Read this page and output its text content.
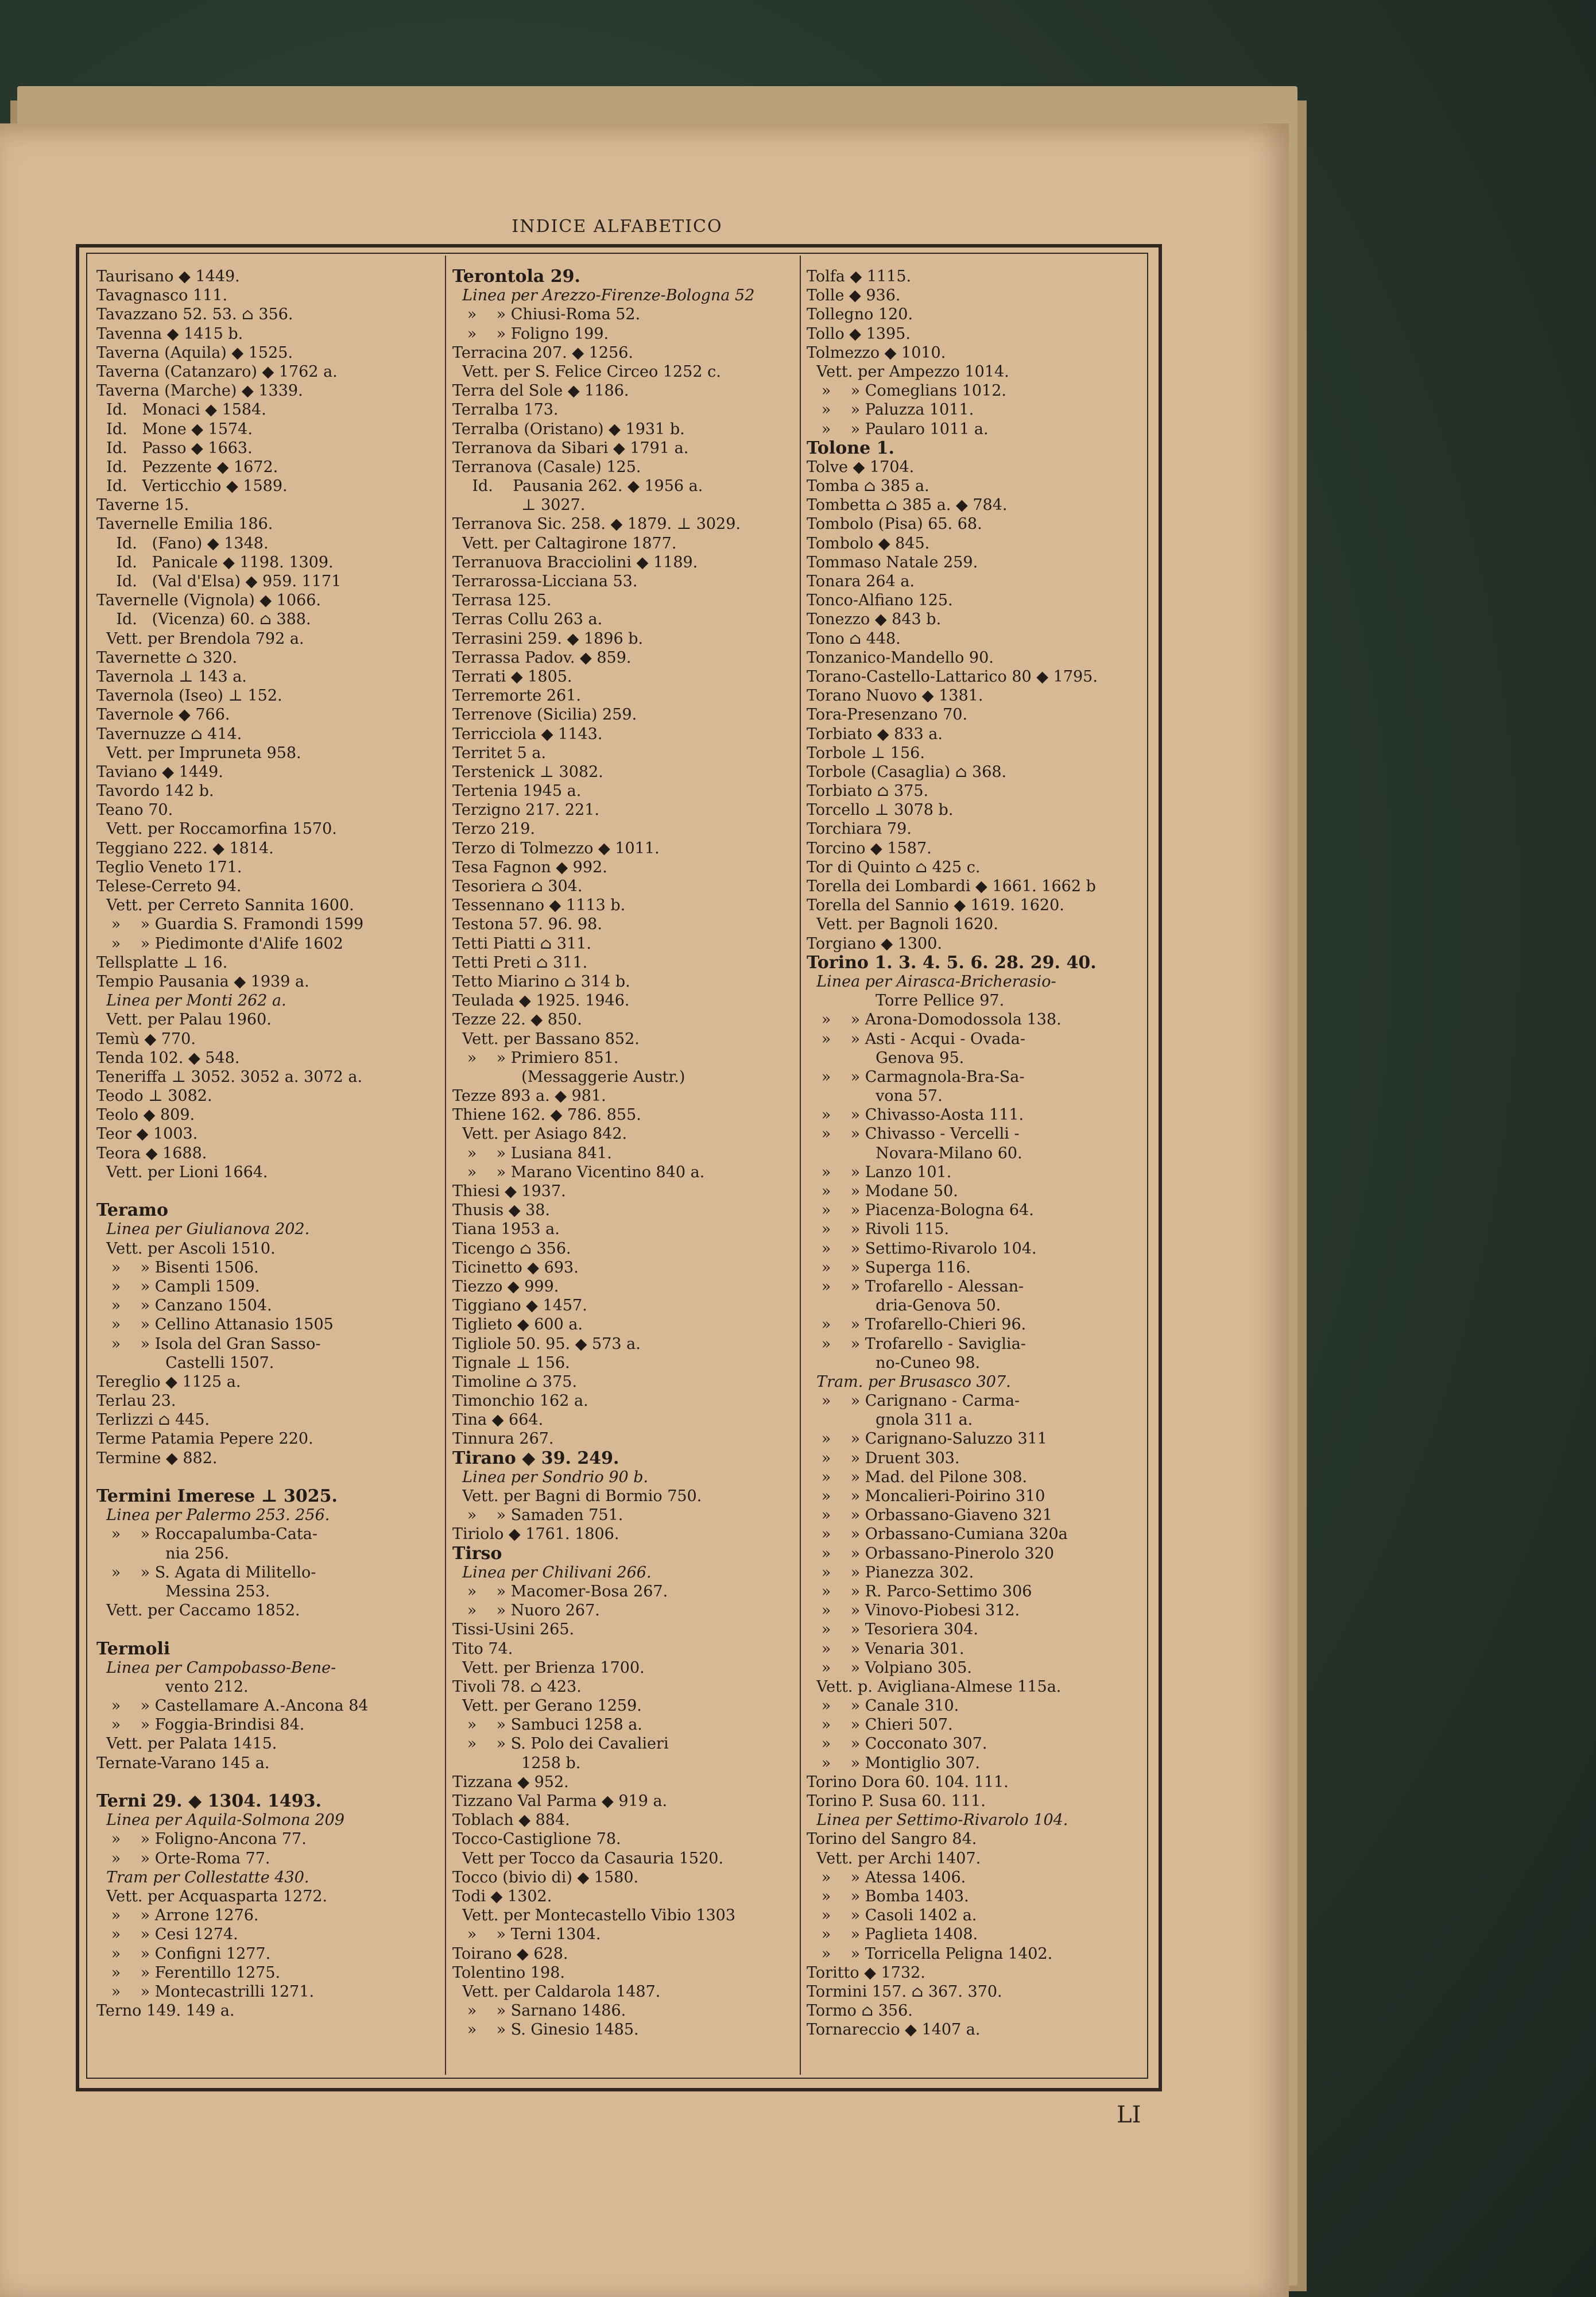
INDICE ALFABETICO
Taurisano ◆ 1449.
Tavagnasco 111.
Tavazzano 52. 53. ⌂ 356.
Tavenna ◆ 1415 b.
Taverna (Aquila) ◆ 1525.
Taverna (Catanzaro) ◆ 1762 a.
Taverna (Marche) ◆ 1339.
Id.   Monaci ◆ 1584.
Id.   Mone ◆ 1574.
Id.   Passo ◆ 1663.
Id.   Pezzente ◆ 1672.
Id.   Verticchio ◆ 1589.
Taverne 15.
Tavernelle Emilia 186.
Id.   (Fano) ◆ 1348.
Id.   Panicale ◆ 1198. 1309.
Id.   (Val d'Elsa) ◆ 959. 1171
Tavernelle (Vignola) ◆ 1066.
Id.   (Vicenza) 60. ⌂ 388.
Vett. per Brendola 792 a.
Tavernette ⌂ 320.
Tavernola ⊥ 143 a.
Tavernola (Iseo) ⊥ 152.
Tavernole ◆ 766.
Tavernuzze ⌂ 414.
Vett. per Impruneta 958.
Taviano ◆ 1449.
Tavordo 142 b.
Teano 70.
Vett. per Roccamorfina 1570.
Teggiano 222. ◆ 1814.
Teglio Veneto 171.
Telese-Cerreto 94.
Vett. per Cerreto Sannita 1600.
»    » Guardia S. Framondi 1599
»    » Piedimonte d'Alife 1602
Tellsplatte ⊥ 16.
Tempio Pausania ◆ 1939 a.
Linea per Monti 262 a.
Vett. per Palau 1960.
Temù ◆ 770.
Tenda 102. ◆ 548.
Teneriffa ⊥ 3052. 3052 a. 3072 a.
Teodo ⊥ 3082.
Teolo ◆ 809.
Teor ◆ 1003.
Teora ◆ 1688.
Vett. per Lioni 1664.
Teramo
Linea per Giulianova 202.
Vett. per Ascoli 1510.
»    » Bisenti 1506.
»    » Campli 1509.
»    » Canzano 1504.
»    » Cellino Attanasio 1505
»    » Isola del Gran Sasso-
Castelli 1507.
Tereglio ◆ 1125 a.
Terlau 23.
Terlizzi ⌂ 445.
Terme Patamia Pepere 220.
Termine ◆ 882.
Termini Imerese ⊥ 3025.
Linea per Palermo 253. 256.
»    » Roccapalumba-Cata-
nia 256.
»    » S. Agata di Militello-
Messina 253.
Vett. per Caccamo 1852.
Termoli
Linea per Campobasso-Bene-
vento 212.
»    » Castellamare A.-Ancona 84
»    » Foggia-Brindisi 84.
Vett. per Palata 1415.
Ternate-Varano 145 a.
Terni 29. ◆ 1304. 1493.
Linea per Aquila-Solmona 209
»    » Foligno-Ancona 77.
»    » Orte-Roma 77.
Tram per Collestatte 430.
Vett. per Acquasparta 1272.
»    » Arrone 1276.
»    » Cesi 1274.
»    » Configni 1277.
»    » Ferentillo 1275.
»    » Montecastrilli 1271.
Terno 149. 149 a.
Terontola 29.
Linea per Arezzo-Firenze-Bologna 52
»    » Chiusi-Roma 52.
»    » Foligno 199.
Terracina 207. ◆ 1256.
Vett. per S. Felice Circeo 1252 c.
Terra del Sole ◆ 1186.
Terralba 173.
Terralba (Oristano) ◆ 1931 b.
Terranova da Sibari ◆ 1791 a.
Terranova (Casale) 125.
Id.    Pausania 262. ◆ 1956 a.
⊥ 3027.
Terranova Sic. 258. ◆ 1879. ⊥ 3029.
Vett. per Caltagirone 1877.
Terranuova Bracciolini ◆ 1189.
Terrarossa-Licciana 53.
Terrasa 125.
Terras Collu 263 a.
Terrasini 259. ◆ 1896 b.
Terrassa Padov. ◆ 859.
Terrati ◆ 1805.
Terremorte 261.
Terrenove (Sicilia) 259.
Terricciola ◆ 1143.
Territet 5 a.
Terstenick ⊥ 3082.
Tertenia 1945 a.
Terzigno 217. 221.
Terzo 219.
Terzo di Tolmezzo ◆ 1011.
Tesa Fagnon ◆ 992.
Tesoriera ⌂ 304.
Tessennano ◆ 1113 b.
Testona 57. 96. 98.
Tetti Piatti ⌂ 311.
Tetti Preti ⌂ 311.
Tetto Miarino ⌂ 314 b.
Teulada ◆ 1925. 1946.
Tezze 22. ◆ 850.
Vett. per Bassano 852.
»    » Primiero 851.
(Messaggerie Austr.)
Tezze 893 a. ◆ 981.
Thiene 162. ◆ 786. 855.
Vett. per Asiago 842.
»    » Lusiana 841.
»    » Marano Vicentino 840 a.
Thiesi ◆ 1937.
Thusis ◆ 38.
Tiana 1953 a.
Ticengo ⌂ 356.
Ticinetto ◆ 693.
Tiezzo ◆ 999.
Tiggiano ◆ 1457.
Tiglieto ◆ 600 a.
Tigliole 50. 95. ◆ 573 a.
Tignale ⊥ 156.
Timoline ⌂ 375.
Timonchio 162 a.
Tina ◆ 664.
Tinnura 267.
Tirano ◆ 39. 249.
Linea per Sondrio 90 b.
Vett. per Bagni di Bormio 750.
»    » Samaden 751.
Tiriolo ◆ 1761. 1806.
Tirso
Linea per Chilivani 266.
»    » Macomer-Bosa 267.
»    » Nuoro 267.
Tissi-Usini 265.
Tito 74.
Vett. per Brienza 1700.
Tivoli 78. ⌂ 423.
Vett. per Gerano 1259.
»    » Sambuci 1258 a.
»    » S. Polo dei Cavalieri
1258 b.
Tizzana ◆ 952.
Tizzano Val Parma ◆ 919 a.
Toblach ◆ 884.
Tocco-Castiglione 78.
Vett per Tocco da Casauria 1520.
Tocco (bivio di) ◆ 1580.
Todi ◆ 1302.
Vett. per Montecastello Vibio 1303
»    » Terni 1304.
Toirano ◆ 628.
Tolentino 198.
Vett. per Caldarola 1487.
»    » Sarnano 1486.
»    » S. Ginesio 1485.
Tolfa ◆ 1115.
Tolle ◆ 936.
Tollegno 120.
Tollo ◆ 1395.
Tolmezzo ◆ 1010.
Vett. per Ampezzo 1014.
»    » Comeglians 1012.
»    » Paluzza 1011.
»    » Paularo 1011 a.
Tolone 1.
Tolve ◆ 1704.
Tomba ⌂ 385 a.
Tombetta ⌂ 385 a. ◆ 784.
Tombolo (Pisa) 65. 68.
Tombolo ◆ 845.
Tommaso Natale 259.
Tonara 264 a.
Tonco-Alfiano 125.
Tonezzo ◆ 843 b.
Tono ⌂ 448.
Tonzanico-Mandello 90.
Torano-Castello-Lattarico 80 ◆ 1795.
Torano Nuovo ◆ 1381.
Tora-Presenzano 70.
Torbiato ◆ 833 a.
Torbole ⊥ 156.
Torbole (Casaglia) ⌂ 368.
Torbiato ⌂ 375.
Torcello ⊥ 3078 b.
Torchiara 79.
Torcino ◆ 1587.
Tor di Quinto ⌂ 425 c.
Torella dei Lombardi ◆ 1661. 1662 b
Torella del Sannio ◆ 1619. 1620.
Vett. per Bagnoli 1620.
Torgiano ◆ 1300.
Torino 1. 3. 4. 5. 6. 28. 29. 40.
Linea per Airasca-Bricherasio-
Torre Pellice 97.
»    » Arona-Domodossola 138.
»    » Asti - Acqui - Ovada-
Genova 95.
»    » Carmagnola-Bra-Sa-
vona 57.
»    » Chivasso-Aosta 111.
»    » Chivasso - Vercelli -
Novara-Milano 60.
»    » Lanzo 101.
»    » Modane 50.
»    » Piacenza-Bologna 64.
»    » Rivoli 115.
»    » Settimo-Rivarolo 104.
»    » Superga 116.
»    » Trofarello - Alessan-
dria-Genova 50.
»    » Trofarello-Chieri 96.
»    » Trofarello - Saviglia-
no-Cuneo 98.
Tram. per Brusasco 307.
»    » Carignano - Carma-
gnola 311 a.
»    » Carignano-Saluzzo 311
»    » Druent 303.
»    » Mad. del Pilone 308.
»    » Moncalieri-Poirino 310
»    » Orbassano-Giaveno 321
»    » Orbassano-Cumiana 320a
»    » Orbassano-Pinerolo 320
»    » Pianezza 302.
»    » R. Parco-Settimo 306
»    » Vinovo-Piobesi 312.
»    » Tesoriera 304.
»    » Venaria 301.
»    » Volpiano 305.
Vett. p. Avigliana-Almese 115a.
»    » Canale 310.
»    » Chieri 507.
»    » Cocconato 307.
»    » Montiglio 307.
Torino Dora 60. 104. 111.
Torino P. Susa 60. 111.
Linea per Settimo-Rivarolo 104.
Torino del Sangro 84.
Vett. per Archi 1407.
»    » Atessa 1406.
»    » Bomba 1403.
»    » Casoli 1402 a.
»    » Paglieta 1408.
»    » Torricella Peligna 1402.
Toritto ◆ 1732.
Tormini 157. ⌂ 367. 370.
Tormo ⌂ 356.
Tornareccio ◆ 1407 a.
LI
